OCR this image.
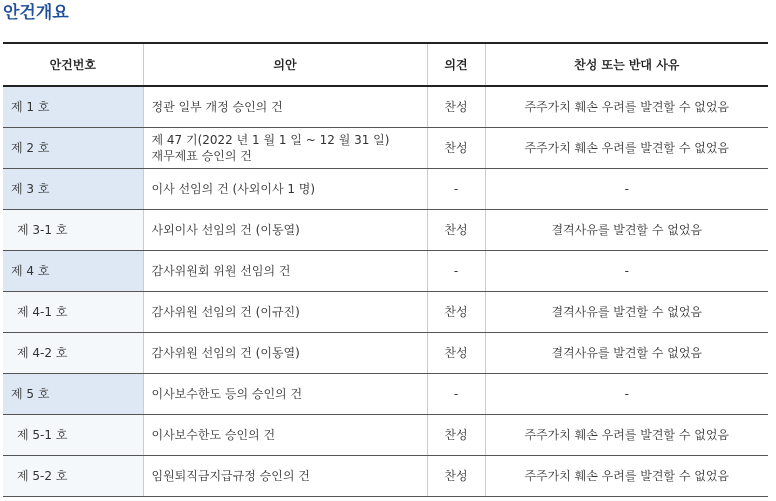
안건개요
안건번호	의안	의견	찬성 또는 반대 사유
제 1 호	정관 일부 개정 승인의 건	찬성	주주가치 훼손 우려를 발견할 수 없었음
제 2 호	제 47 기(2022 년 1 월 1 일 ~ 12 월 31 일)
재무제표 승인의 건	찬성	주주가치 훼손 우려를 발견할 수 없었음
제 3 호	이사 선임의 건 (사외이사 1 명)	-	-
제 3-1 호	사외이사 선임의 건 (이동열)	찬성	결격사유를 발견할 수 없었음
제 4 호	감사위원회 위원 선임의 건	-	-
제 4-1 호	감사위원 선임의 건 (이규진)	찬성	결격사유를 발견할 수 없었음
제 4-2 호	감사위원 선임의 건 (이동열)	찬성	결격사유를 발견할 수 없었음
제 5 호	이사보수한도 등의 승인의 건	-	-
제 5-1 호	이사보수한도 승인의 건	찬성	주주가치 훼손 우려를 발견할 수 없었음
제 5-2 호	임원퇴직금지급규정 승인의 건	찬성	주주가치 훼손 우려를 발견할 수 없었음
